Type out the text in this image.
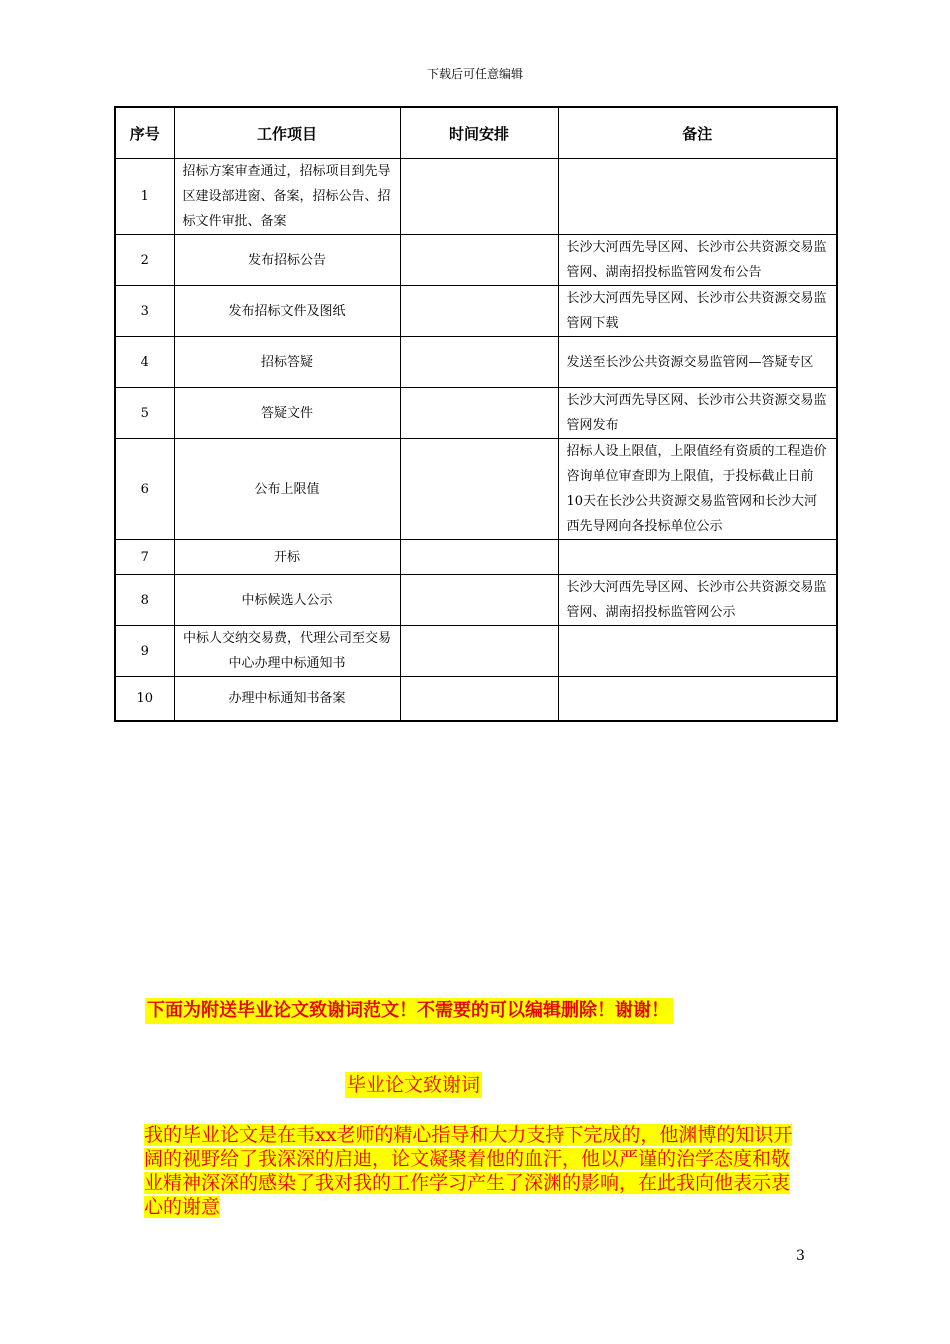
下载后可任意编辑
序号	工作项目	时间安排	备注
1	招标方案审查通过，招标项目到先导区建设部进窗、备案，招标公告、招标文件审批、备案		
2	发布招标公告		长沙大河西先导区网、长沙市公共资源交易监管网、湖南招投标监管网发布公告
3	发布招标文件及图纸		长沙大河西先导区网、长沙市公共资源交易监管网下载
4	招标答疑		发送至长沙公共资源交易监管网—答疑专区
5	答疑文件		长沙大河西先导区网、长沙市公共资源交易监管网发布
6	公布上限值		招标人设上限值，上限值经有资质的工程造价咨询单位审查即为上限值，于投标截止日前10天在长沙公共资源交易监管网和长沙大河西先导网向各投标单位公示
7	开标		
8	中标候选人公示		长沙大河西先导区网、长沙市公共资源交易监管网、湖南招投标监管网公示
9	中标人交纳交易费，代理公司至交易中心办理中标通知书		
10	办理中标通知书备案		
下面为附送毕业论文致谢词范文！不需要的可以编辑删除！谢谢！
毕业论文致谢词
我的毕业论文是在韦xx老师的精心指导和大力支持下完成的，他渊博的知识开阔的视野给了我深深的启迪，论文凝聚着他的血汗，他以严谨的治学态度和敬业精神深深的感染了我对我的工作学习产生了深渊的影响，在此我向他表示衷心的谢意
3
